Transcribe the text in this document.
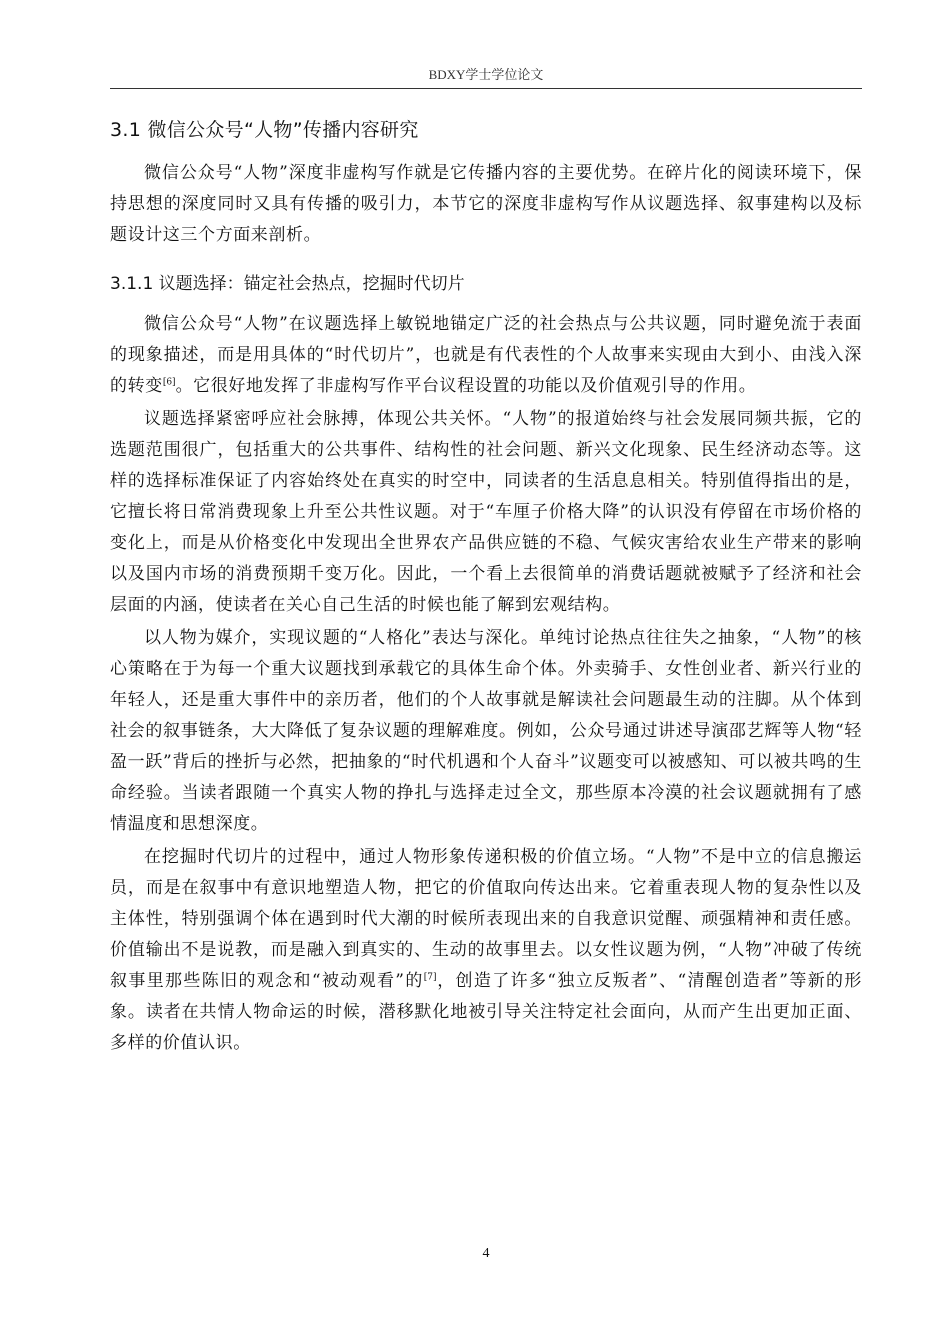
BDXY学士学位论文
3.1 微信公众号“人物”传播内容研究

微信公众号“人物”深度非虚构写作就是它传播内容的主要优势。在碎片化的阅读环境下，保持思想的深度同时又具有传播的吸引力，本节它的深度非虚构写作从议题选择、叙事建构以及标题设计这三个方面来剖析。

3.1.1 议题选择：锚定社会热点，挖掘时代切片

微信公众号“人物”在议题选择上敏锐地锚定广泛的社会热点与公共议题，同时避免流于表面的现象描述，而是用具体的“时代切片”，也就是有代表性的个人故事来实现由大到小、由浅入深的转变[6]。它很好地发挥了非虚构写作平台议程设置的功能以及价值观引导的作用。

议题选择紧密呼应社会脉搏，体现公共关怀。“人物”的报道始终与社会发展同频共振，它的选题范围很广，包括重大的公共事件、结构性的社会问题、新兴文化现象、民生经济动态等。这样的选择标准保证了内容始终处在真实的时空中，同读者的生活息息相关。特别值得指出的是，它擅长将日常消费现象上升至公共性议题。对于“车厘子价格大降”的认识没有停留在市场价格的变化上，而是从价格变化中发现出全世界农产品供应链的不稳、气候灾害给农业生产带来的影响以及国内市场的消费预期千变万化。因此，一个看上去很简单的消费话题就被赋予了经济和社会层面的内涵，使读者在关心自己生活的时候也能了解到宏观结构。

以人物为媒介，实现议题的“人格化”表达与深化。单纯讨论热点往往失之抽象，“人物”的核心策略在于为每一个重大议题找到承载它的具体生命个体。外卖骑手、女性创业者、新兴行业的年轻人，还是重大事件中的亲历者，他们的个人故事就是解读社会问题最生动的注脚。从个体到社会的叙事链条，大大降低了复杂议题的理解难度。例如，公众号通过讲述导演邵艺辉等人物“轻盈一跃”背后的挫折与必然，把抽象的“时代机遇和个人奋斗”议题变可以被感知、可以被共鸣的生命经验。当读者跟随一个真实人物的挣扎与选择走过全文，那些原本冷漠的社会议题就拥有了感情温度和思想深度。

在挖掘时代切片的过程中，通过人物形象传递积极的价值立场。“人物”不是中立的信息搬运员，而是在叙事中有意识地塑造人物，把它的价值取向传达出来。它着重表现人物的复杂性以及主体性，特别强调个体在遇到时代大潮的时候所表现出来的自我意识觉醒、顽强精神和责任感。价值输出不是说教，而是融入到真实的、生动的故事里去。以女性议题为例，“人物”冲破了传统叙事里那些陈旧的观念和“被动观看”的[7]，创造了许多“独立反叛者”、“清醒创造者”等新的形象。读者在共情人物命运的时候，潜移默化地被引导关注特定社会面向，从而产生出更加正面、多样的价值认识。

4
